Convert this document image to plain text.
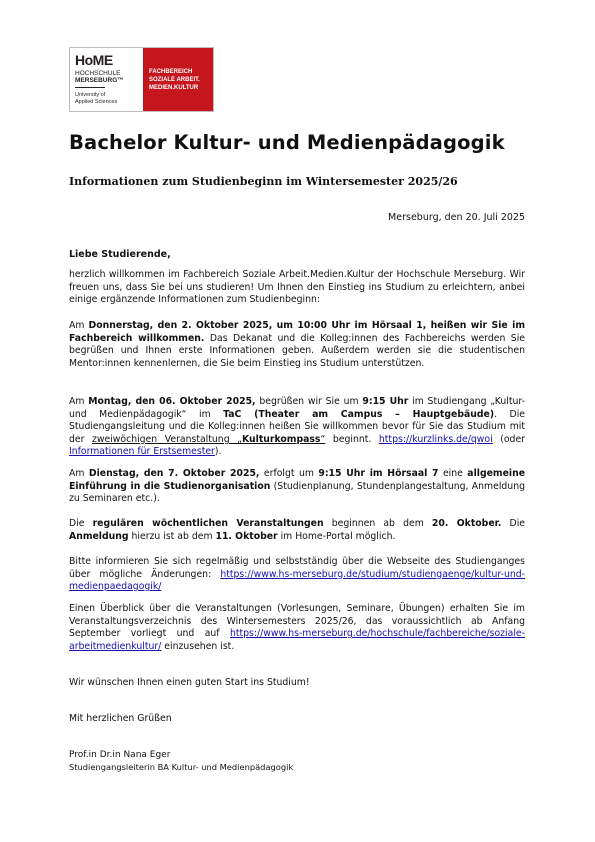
HoME
HOCHSCHULE
MERSEBURG™
University of
Applied Sciences
FACHBEREICH
SOZIALE ARBEIT.
MEDIEN.KULTUR
Bachelor Kultur- und Medienpädagogik
Informationen zum Studienbeginn im Wintersemester 2025/26
Merseburg, den 20. Juli 2025
Liebe Studierende,

herzlich willkommen im Fachbereich Soziale Arbeit.Medien.Kultur der Hochschule Merseburg. Wir freuen uns, dass Sie bei uns studieren! Um Ihnen den Einstieg ins Studium zu erleichtern, anbei einige ergänzende Informationen zum Studienbeginn:

Am Donnerstag, den 2. Oktober 2025, um 10:00 Uhr im Hörsaal 1, heißen wir Sie im Fachbereich willkommen. Das Dekanat und die Kolleg:innen des Fachbereichs werden Sie begrüßen und Ihnen erste Informationen geben. Außerdem werden sie die studentischen Mentor:innen kennenlernen, die Sie beim Einstieg ins Studium unterstützen.

Am Montag, den 06. Oktober 2025, begrüßen wir Sie um 9:15 Uhr im Studiengang „Kultur- und Medienpädagogik“ im TaC (Theater am Campus – Hauptgebäude). Die Studiengangsleitung und die Kolleg:innen heißen Sie willkommen bevor für Sie das Studium mit der zweiwöchigen Veranstaltung „Kulturkompass“ beginnt. https://kurzlinks.de/qwoi (oder Informationen für Erstsemester).

Am Dienstag, den 7. Oktober 2025, erfolgt um 9:15 Uhr im Hörsaal 7 eine allgemeine Einführung in die Studienorganisation (Studienplanung, Stundenplangestaltung, Anmeldung zu Seminaren etc.).

Die regulären wöchentlichen Veranstaltungen beginnen ab dem 20. Oktober. Die Anmeldung hierzu ist ab dem 11. Oktober im Home-Portal möglich.

Bitte informieren Sie sich regelmäßig und selbstständig über die Webseite des Studienganges über mögliche Änderungen: https://www.hs-merseburg.de/studium/studiengaenge/kultur-und-medienpaedagogik/

Einen Überblick über die Veranstaltungen (Vorlesungen, Seminare, Übungen) erhalten Sie im Veranstaltungsverzeichnis des Wintersemesters 2025/26, das voraussichtlich ab Anfang September vorliegt und auf https://www.hs-merseburg.de/hochschule/fachbereiche/soziale-arbeitmedienkultur/ einzusehen ist.

Wir wünschen Ihnen einen guten Start ins Studium!
Mit herzlichen Grüßen
Prof.in Dr.in Nana Eger
Studiengangsleiterin BA Kultur- und Medienpädagogik
